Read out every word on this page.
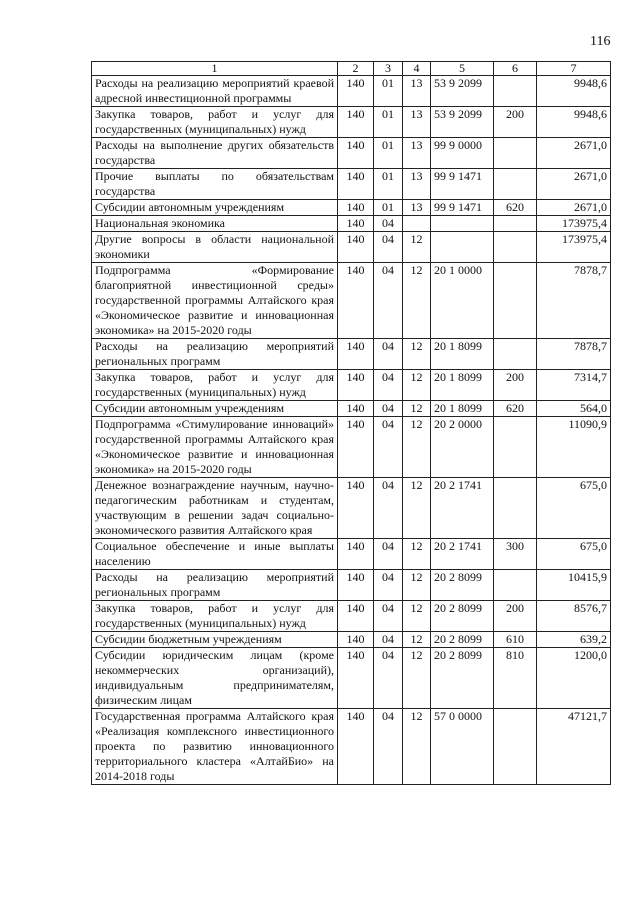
116
1	2	3	4	5	6	7
Расходы на реализацию мероприятий краевой адресной инвестиционной программы	140	01	13	53 9 2099		9948,6
Закупка товаров, работ и услуг для государственных (муниципальных) нужд	140	01	13	53 9 2099	200	9948,6
Расходы на выполнение других обязательств государства	140	01	13	99 9 0000		2671,0
Прочие выплаты по обязательствам государства	140	01	13	99 9 1471		2671,0
Субсидии автономным учреждениям	140	01	13	99 9 1471	620	2671,0
Национальная экономика	140	04				173975,4
Другие вопросы в области национальной экономики	140	04	12			173975,4
Подпрограмма «Формирование благоприятной инвестиционной среды» государственной программы Алтайского края «Экономическое развитие и инновационная экономика» на 2015-2020 годы	140	04	12	20 1 0000		7878,7
Расходы на реализацию мероприятий региональных программ	140	04	12	20 1 8099		7878,7
Закупка товаров, работ и услуг для государственных (муниципальных) нужд	140	04	12	20 1 8099	200	7314,7
Субсидии автономным учреждениям	140	04	12	20 1 8099	620	564,0
Подпрограмма «Стимулирование инноваций» государственной программы Алтайского края «Экономическое развитие и инновационная экономика» на 2015-2020 годы	140	04	12	20 2 0000		11090,9
Денежное вознаграждение научным, научно-педагогическим работникам и студентам, участвующим в решении задач социально-экономического развития Алтайского края	140	04	12	20 2 1741		675,0
Социальное обеспечение и иные выплаты населению	140	04	12	20 2 1741	300	675,0
Расходы на реализацию мероприятий региональных программ	140	04	12	20 2 8099		10415,9
Закупка товаров, работ и услуг для государственных (муниципальных) нужд	140	04	12	20 2 8099	200	8576,7
Субсидии бюджетным учреждениям	140	04	12	20 2 8099	610	639,2
Субсидии юридическим лицам (кроме некоммерческих организаций), индивидуальным предпринимателям, физическим лицам	140	04	12	20 2 8099	810	1200,0
Государственная программа Алтайского края «Реализация комплексного инвестиционного проекта по развитию инновационного территориального кластера «АлтайБио» на 2014-2018 годы	140	04	12	57 0 0000		47121,7
